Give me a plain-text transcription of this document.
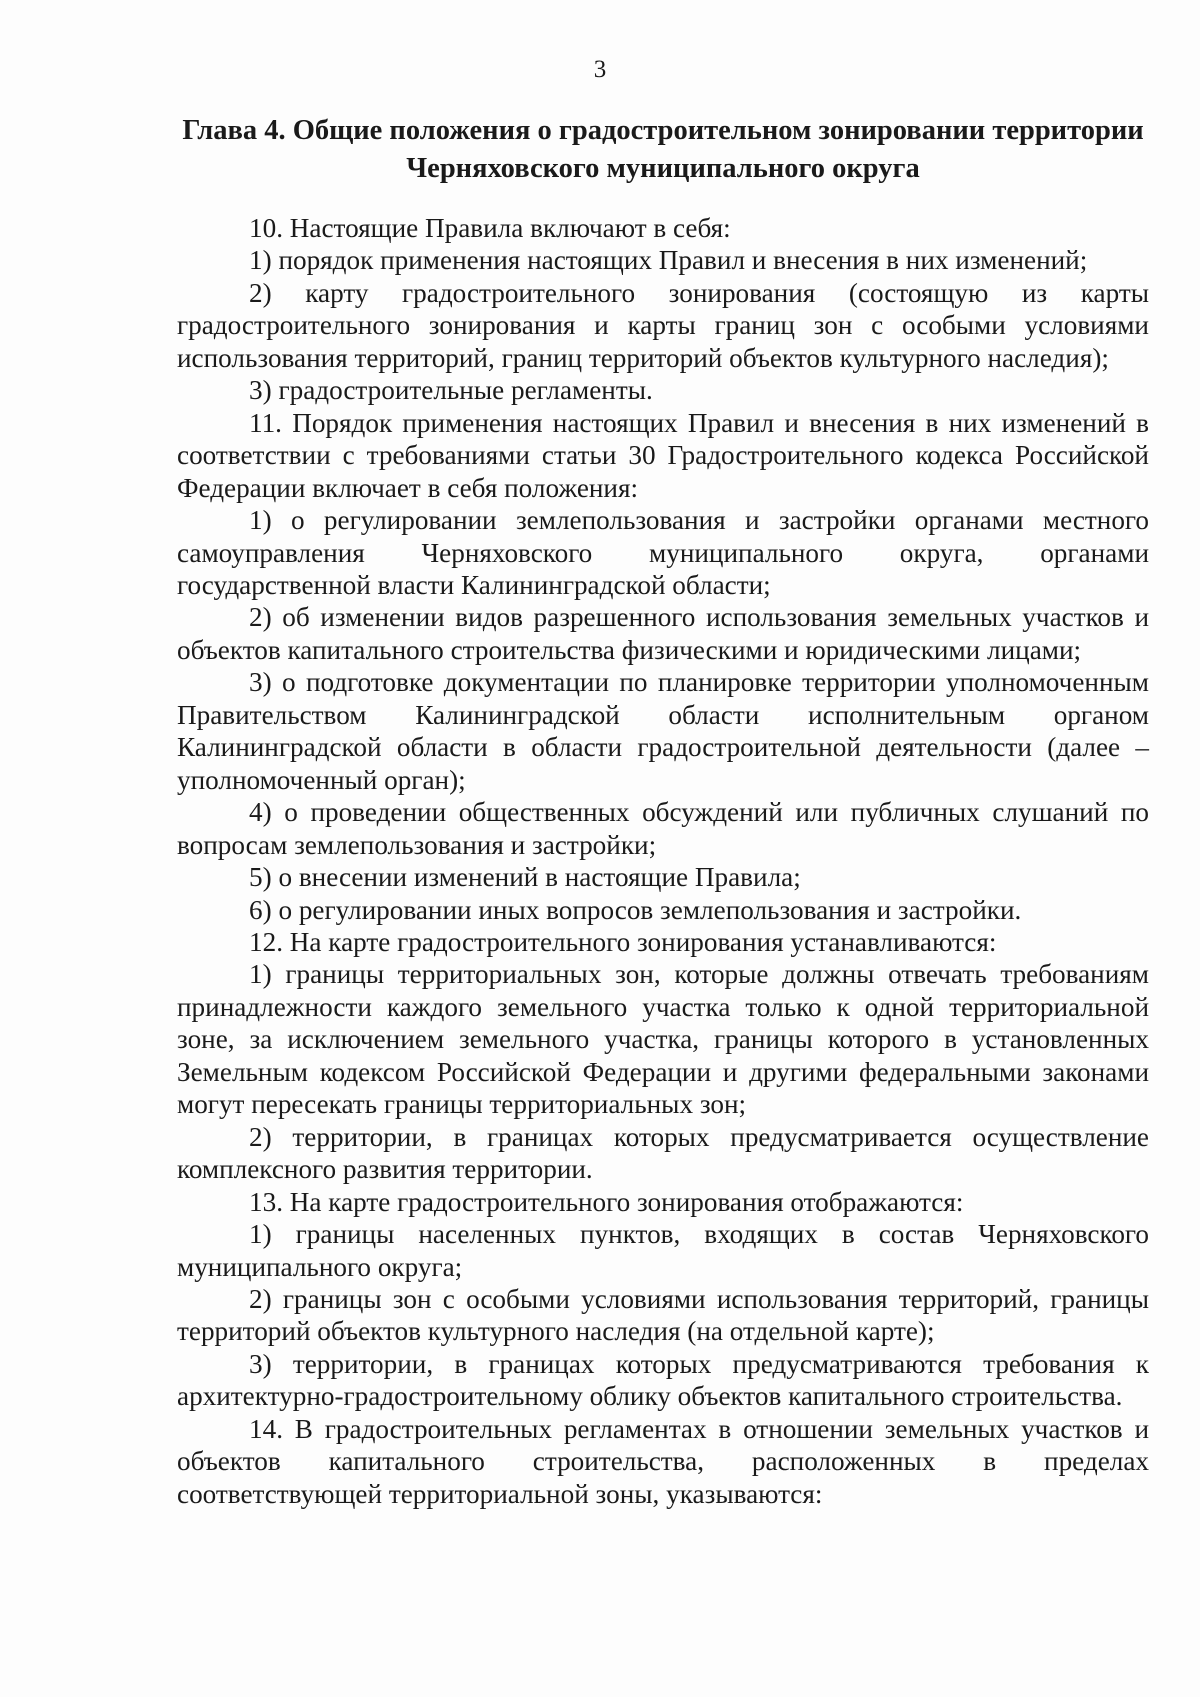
3
Глава 4. Общие положения о градостроительном зонировании территории
Черняховского муниципального округа

10. Настоящие Правила включают в себя:

1) порядок применения настоящих Правил и внесения в них изменений;

2) карту градостроительного зонирования (состоящую из карты градостроительного зонирования и карты границ зон с особыми условиями использования территорий, границ территорий объектов культурного наследия);

3) градостроительные регламенты.

11. Порядок применения настоящих Правил и внесения в них изменений в соответствии с требованиями статьи 30 Градостроительного кодекса Российской Федерации включает в себя положения:

1) о регулировании землепользования и застройки органами местного самоуправления Черняховского муниципального округа, органами государственной власти Калининградской области;

2) об изменении видов разрешенного использования земельных участков и объектов капитального строительства физическими и юридическими лицами;

3) о подготовке документации по планировке территории уполномоченным Правительством Калининградской области исполнительным органом Калининградской области в области градостроительной деятельности (далее – уполномоченный орган);

4) о проведении общественных обсуждений или публичных слушаний по вопросам землепользования и застройки;

5) о внесении изменений в настоящие Правила;

6) о регулировании иных вопросов землепользования и застройки.

12. На карте градостроительного зонирования устанавливаются:

1) границы территориальных зон, которые должны отвечать требованиям принадлежности каждого земельного участка только к одной территориальной зоне, за исключением земельного участка, границы которого в установленных Земельным кодексом Российской Федерации и другими федеральными законами могут пересекать границы территориальных зон;

2) территории, в границах которых предусматривается осуществление комплексного развития территории.

13. На карте градостроительного зонирования отображаются:

1) границы населенных пунктов, входящих в состав Черняховского муниципального округа;

2) границы зон с особыми условиями использования территорий, границы территорий объектов культурного наследия (на отдельной карте);

3) территории, в границах которых предусматриваются требования к архитектурно-градостроительному облику объектов капитального строительства.

14. В градостроительных регламентах в отношении земельных участков и объектов капитального строительства, расположенных в пределах соответствующей территориальной зоны, указываются:
